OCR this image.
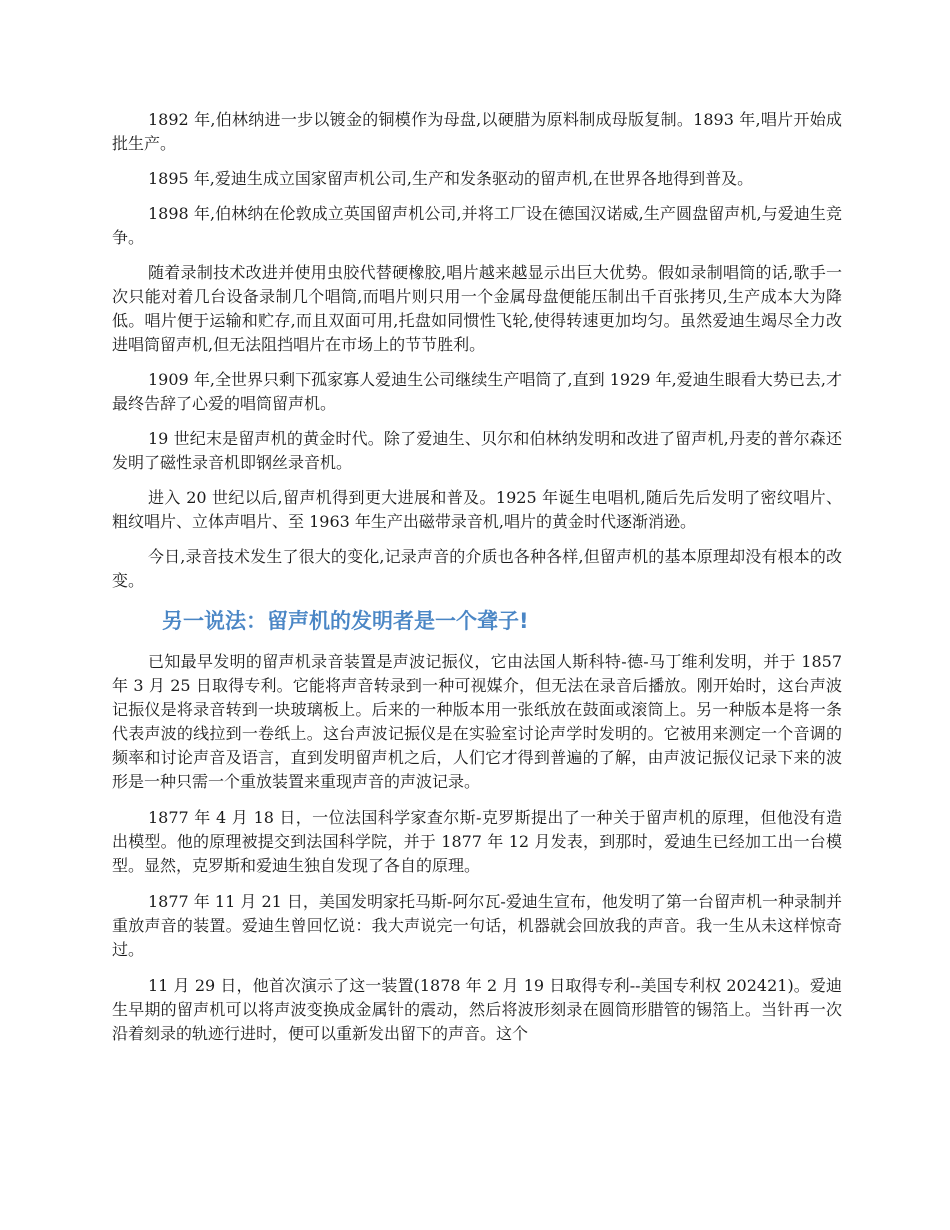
1892 年,伯林纳进一步以镀金的铜模作为母盘,以硬腊为原料制成母版复制。1893 年,唱片开始成批生产。

1895 年,爱迪生成立国家留声机公司,生产和发条驱动的留声机,在世界各地得到普及。

1898 年,伯林纳在伦敦成立英国留声机公司,并将工厂设在德国汉诺威,生产圆盘留声机,与爱迪生竞争。

随着录制技术改进并使用虫胶代替硬橡胶,唱片越来越显示出巨大优势。假如录制唱筒的话,歌手一次只能对着几台设备录制几个唱筒,而唱片则只用一个金属母盘便能压制出千百张拷贝,生产成本大为降低。唱片便于运输和贮存,而且双面可用,托盘如同惯性飞轮,使得转速更加均匀。虽然爱迪生竭尽全力改进唱筒留声机,但无法阻挡唱片在市场上的节节胜利。

1909 年,全世界只剩下孤家寡人爱迪生公司继续生产唱筒了,直到 1929 年,爱迪生眼看大势已去,才最终告辞了心爱的唱筒留声机。

19 世纪末是留声机的黄金时代。除了爱迪生、贝尔和伯林纳发明和改进了留声机,丹麦的普尔森还发明了磁性录音机即钢丝录音机。

进入 20 世纪以后,留声机得到更大进展和普及。1925 年诞生电唱机,随后先后发明了密纹唱片、粗纹唱片、立体声唱片、至 1963 年生产出磁带录音机,唱片的黄金时代逐渐消逊。

今日,录音技术发生了很大的变化,记录声音的介质也各种各样,但留声机的基本原理却没有根本的改变。

另一说法：留声机的发明者是一个聋子!

已知最早发明的留声机录音装置是声波记振仪，它由法国人斯科特-德-马丁维利发明，并于 1857 年 3 月 25 日取得专利。它能将声音转录到一种可视媒介，但无法在录音后播放。刚开始时，这台声波记振仪是将录音转到一块玻璃板上。后来的一种版本用一张纸放在鼓面或滚筒上。另一种版本是将一条代表声波的线拉到一卷纸上。这台声波记振仪是在实验室讨论声学时发明的。它被用来测定一个音调的频率和讨论声音及语言，直到发明留声机之后，人们它才得到普遍的了解，由声波记振仪记录下来的波形是一种只需一个重放装置来重现声音的声波记录。

1877 年 4 月 18 日，一位法国科学家查尔斯-克罗斯提出了一种关于留声机的原理，但他没有造出模型。他的原理被提交到法国科学院，并于 1877 年 12 月发表，到那时，爱迪生已经加工出一台模型。显然，克罗斯和爱迪生独自发现了各自的原理。

1877 年 11 月 21 日，美国发明家托马斯-阿尔瓦-爱迪生宣布，他发明了第一台留声机一种录制并重放声音的装置。爱迪生曾回忆说：我大声说完一句话，机器就会回放我的声音。我一生从未这样惊奇过。

11 月 29 日，他首次演示了这一装置(1878 年 2 月 19 日取得专利--美国专利权 202421)。爱迪生早期的留声机可以将声波变换成金属针的震动，然后将波形刻录在圆筒形腊管的锡箔上。当针再一次沿着刻录的轨迹行进时，便可以重新发出留下的声音。这个
